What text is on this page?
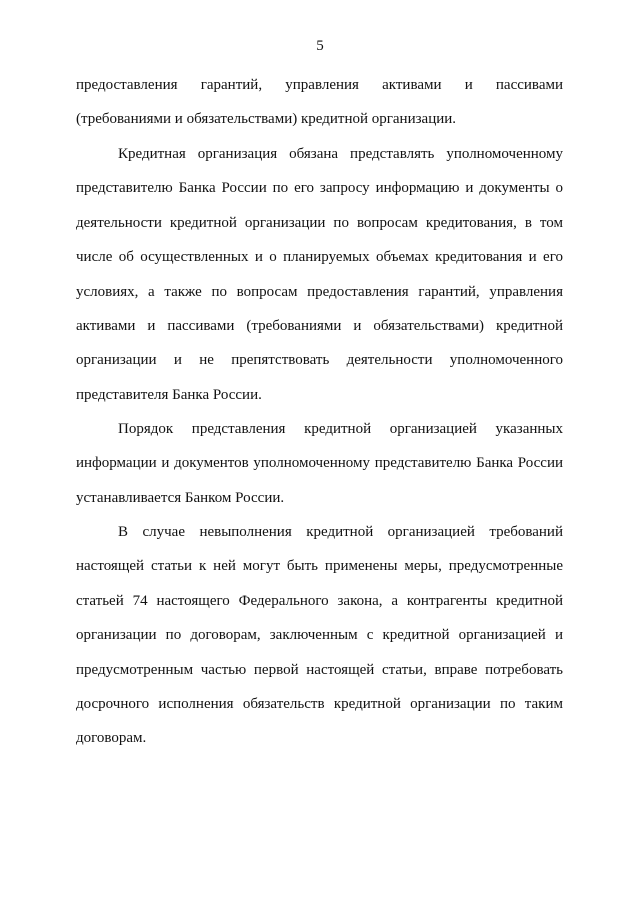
5
предоставления гарантий, управления активами и пассивами
(требованиями и обязательствами) кредитной организации.
Кредитная организация обязана представлять уполномоченному
представителю Банка России по его запросу информацию и документы о
деятельности кредитной организации по вопросам кредитования, в том
числе об осуществленных и о планируемых объемах кредитования и его
условиях, а также по вопросам предоставления гарантий, управления
активами и пассивами (требованиями и обязательствами) кредитной
организации и не препятствовать деятельности уполномоченного
представителя Банка России.
Порядок представления кредитной организацией указанных
информации и документов уполномоченному представителю Банка России
устанавливается Банком России.
В случае невыполнения кредитной организацией требований
настоящей статьи к ней могут быть применены меры, предусмотренные
статьей 74 настоящего Федерального закона, а контрагенты кредитной
организации по договорам, заключенным с кредитной организацией и
предусмотренным частью первой настоящей статьи, вправе потребовать
досрочного исполнения обязательств кредитной организации по таким
договорам.
